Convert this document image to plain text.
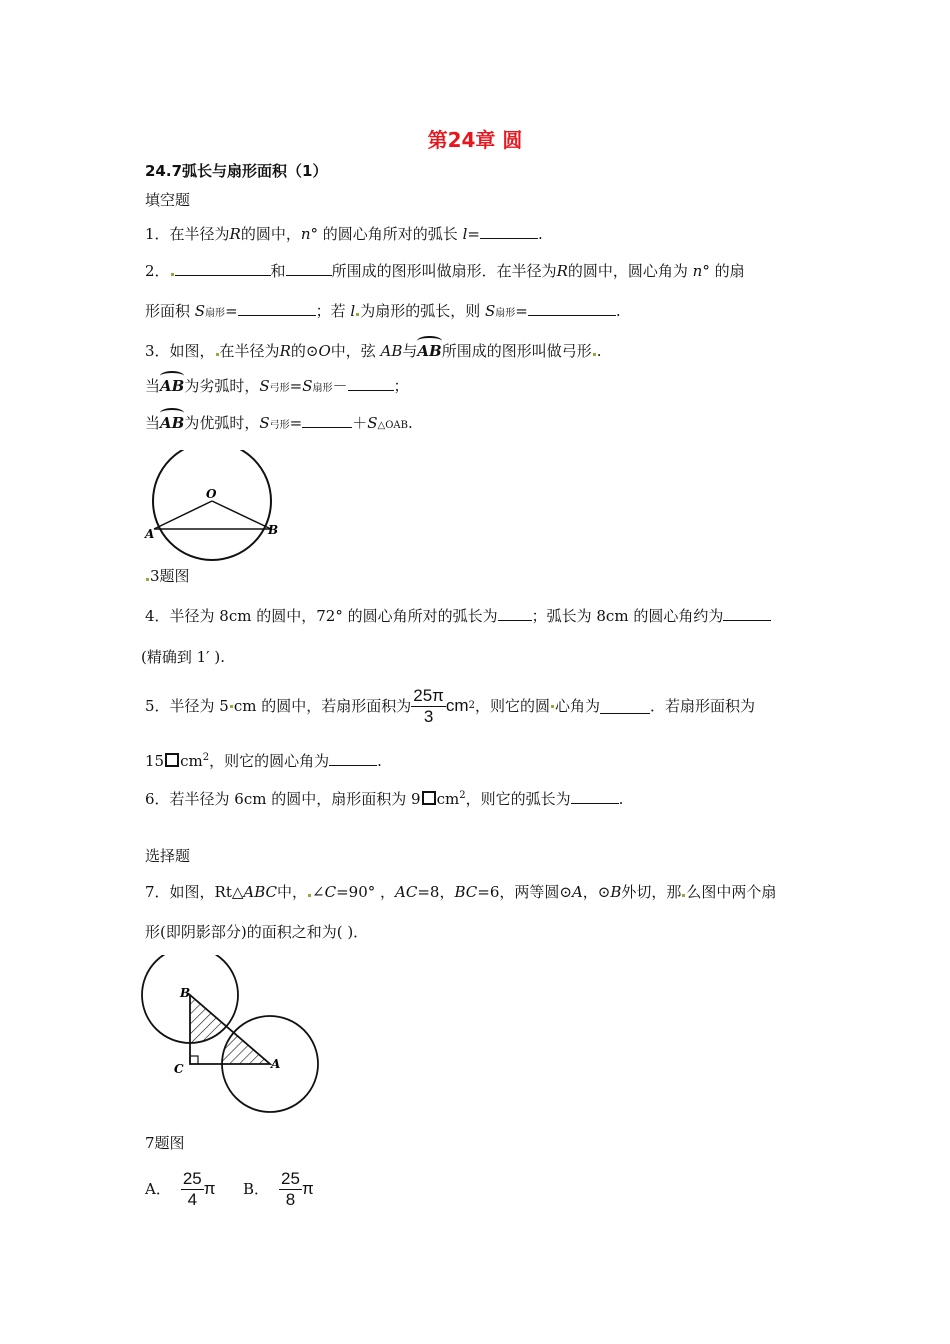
第24章 圆
24.7弧长与扇形面积（1）
填空题
1．在半径为R的圆中，n° 的圆心角所对的弧长 l=	.
2．	和	所围成的图形叫做扇形．在半径为R的圆中，圆心角为 n° 的扇
形面积 S扇形=	；若 l 为扇形的弧长，则 S扇形=	.
3．如图， 在半径为R的⊙O中，弦 AB与AB所围成的图形叫做弓形 .
当AB为劣弧时，S弓形=S扇形－	；
当AB为优弧时，S弓形=	＋S△OAB.
O
A	B
3题图
4．半径为 8cm 的圆中，72° 的圆心角所对的弧长为 ；弧长为 8cm 的圆心角约为
(精确到 1′ ).
5．半径为 5 cm 的圆中，若扇形面积为 $\frac{25\pi}{3}$ cm 2 ，则它的圆 心角为	．若扇形面积为
15 $cm^2$，则它的圆心角为	.
6．若半径为 6cm 的圆中，扇形面积为 9 $cm^2$，则它的弧长为	.
选择题
7．如图，Rt△ABC中， ∠C=90° ，AC=8，BC=6，两等圆⊙A，⊙B外切，那 么图中两个扇
形(即阴影部分)的面积之和为( )．
B
C	A
7题图
A． $\frac{25}{4}$ π B． $\frac{25}{8}$ π
